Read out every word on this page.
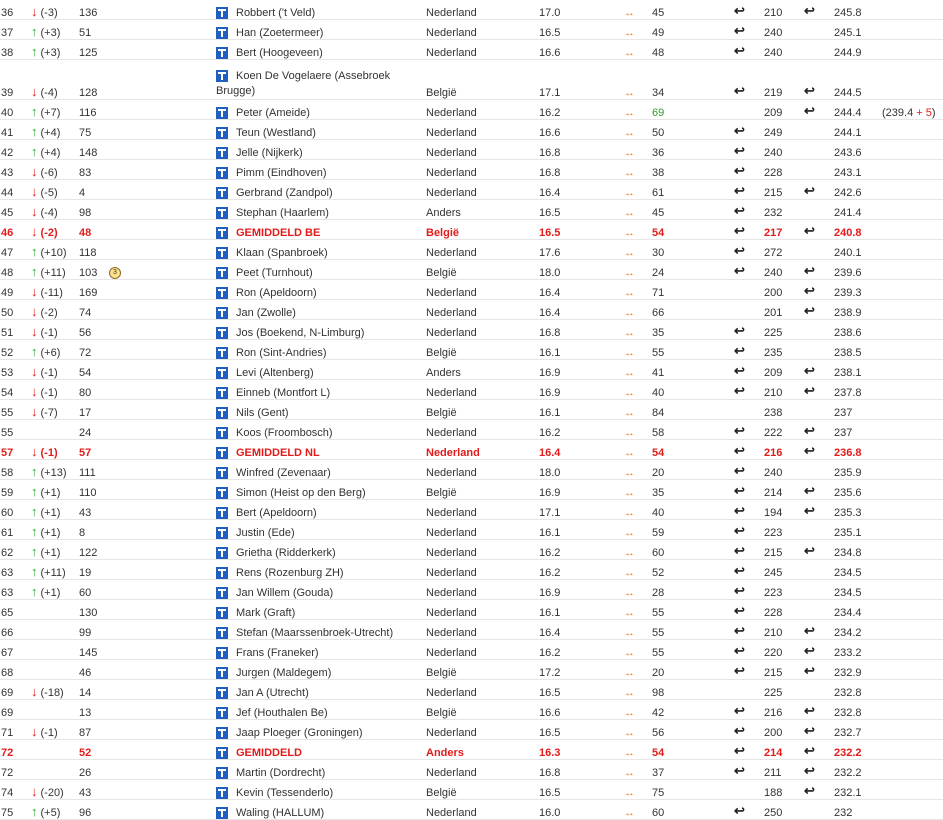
36	↓ (-3)	136		Robbert ('t Veld)	Nederland	17.0	↔	45	↩︎	210	↩︎	245.8	
37	↑ (+3)	51		Han (Zoetermeer)	Nederland	16.5	↔	49	↩︎	240		245.1	
38	↑ (+3)	125		Bert (Hoogeveen)	Nederland	16.6	↔	48	↩︎	240		244.9	
39	↓ (-4)	128		Koen De Vogelaere (Assebroek Brugge)	België	17.1	↔	34	↩︎	219	↩︎	244.5	
40	↑ (+7)	116		Peter (Ameide)	Nederland	16.2	↔	69		209	↩︎	244.4	(239.4 + 5)
41	↑ (+4)	75		Teun (Westland)	Nederland	16.6	↔	50	↩︎	249		244.1	
42	↑ (+4)	148		Jelle (Nijkerk)	Nederland	16.8	↔	36	↩︎	240		243.6	
43	↓ (-6)	83		Pimm (Eindhoven)	Nederland	16.8	↔	38	↩︎	228		243.1	
44	↓ (-5)	4		Gerbrand (Zandpol)	Nederland	16.4	↔	61	↩︎	215	↩︎	242.6	
45	↓ (-4)	98		Stephan (Haarlem)	Anders	16.5	↔	45	↩︎	232		241.4	
46	↓ (-2)	48		GEMIDDELD BE	België	16.5	↔	54	↩︎	217	↩︎	240.8	
47	↑ (+10)	118		Klaan (Spanbroek)	Nederland	17.6	↔	30	↩︎	272		240.1	
48	↑ (+11)	103	3	Peet (Turnhout)	België	18.0	↔	24	↩︎	240	↩︎	239.6	
49	↓ (-11)	169		Ron (Apeldoorn)	Nederland	16.4	↔	71		200	↩︎	239.3	
50	↓ (-2)	74		Jan (Zwolle)	Nederland	16.4	↔	66		201	↩︎	238.9	
51	↓ (-1)	56		Jos (Boekend, N-Limburg)	Nederland	16.8	↔	35	↩︎	225		238.6	
52	↑ (+6)	72		Ron (Sint-Andries)	België	16.1	↔	55	↩︎	235		238.5	
53	↓ (-1)	54		Levi (Altenberg)	Anders	16.9	↔	41	↩︎	209	↩︎	238.1	
54	↓ (-1)	80		Einneb (Montfort L)	Nederland	16.9	↔	40	↩︎	210	↩︎	237.8	
55	↓ (-7)	17		Nils (Gent)	België	16.1	↔	84		238		237	
55		24		Koos (Froombosch)	Nederland	16.2	↔	58	↩︎	222	↩︎	237	
57	↓ (-1)	57		GEMIDDELD NL	Nederland	16.4	↔	54	↩︎	216	↩︎	236.8	
58	↑ (+13)	111		Winfred (Zevenaar)	Nederland	18.0	↔	20	↩︎	240		235.9	
59	↑ (+1)	110		Simon (Heist op den Berg)	België	16.9	↔	35	↩︎	214	↩︎	235.6	
60	↑ (+1)	43		Bert (Apeldoorn)	Nederland	17.1	↔	40	↩︎	194	↩︎	235.3	
61	↑ (+1)	8		Justin (Ede)	Nederland	16.1	↔	59	↩︎	223		235.1	
62	↑ (+1)	122		Grietha (Ridderkerk)	Nederland	16.2	↔	60	↩︎	215	↩︎	234.8	
63	↑ (+11)	19		Rens (Rozenburg ZH)	Nederland	16.2	↔	52	↩︎	245		234.5	
63	↑ (+1)	60		Jan Willem (Gouda)	Nederland	16.9	↔	28	↩︎	223		234.5	
65		130		Mark (Graft)	Nederland	16.1	↔	55	↩︎	228		234.4	
66		99		Stefan (Maarssenbroek-Utrecht)	Nederland	16.4	↔	55	↩︎	210	↩︎	234.2	
67		145		Frans (Franeker)	Nederland	16.2	↔	55	↩︎	220	↩︎	233.2	
68		46		Jurgen (Maldegem)	België	17.2	↔	20	↩︎	215	↩︎	232.9	
69	↓ (-18)	14		Jan A (Utrecht)	Nederland	16.5	↔	98		225		232.8	
69		13		Jef (Houthalen Be)	België	16.6	↔	42	↩︎	216	↩︎	232.8	
71	↓ (-1)	87		Jaap Ploeger (Groningen)	Nederland	16.5	↔	56	↩︎	200	↩︎	232.7	
72		52		GEMIDDELD	Anders	16.3	↔	54	↩︎	214	↩︎	232.2	
72		26		Martin (Dordrecht)	Nederland	16.8	↔	37	↩︎	211	↩︎	232.2	
74	↓ (-20)	43		Kevin (Tessenderlo)	België	16.5	↔	75		188	↩︎	232.1	
75	↑ (+5)	96		Waling (HALLUM)	Nederland	16.0	↔	60	↩︎	250		232	
